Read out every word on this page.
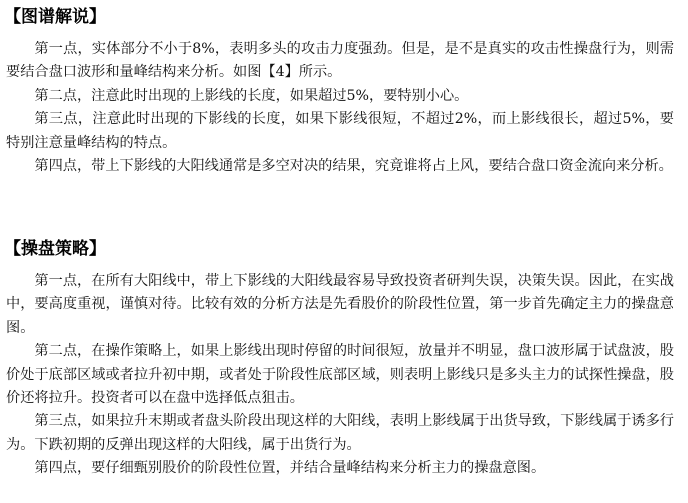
【图谱解说】

第一点，实体部分不小于8%，表明多头的攻击力度强劲。但是，是不是真实的攻击性操盘行为，则需要结合盘口波形和量峰结构来分析。如图【4】所示。

第二点，注意此时出现的上影线的长度，如果超过5%，要特别小心。

第三点，注意此时出现的下影线的长度，如果下影线很短，不超过2%，而上影线很长，超过5%，要特别注意量峰结构的特点。

第四点，带上下影线的大阳线通常是多空对决的结果，究竟谁将占上风，要结合盘口资金流向来分析。

【操盘策略】

第一点，在所有大阳线中，带上下影线的大阳线最容易导致投资者研判失误，决策失误。因此，在实战中，要高度重视，谨慎对待。比较有效的分析方法是先看股价的阶段性位置，第一步首先确定主力的操盘意图。

第二点，在操作策略上，如果上影线出现时停留的时间很短，放量并不明显，盘口波形属于试盘波，股价处于底部区域或者拉升初中期，或者处于阶段性底部区域，则表明上影线只是多头主力的试探性操盘，股价还将拉升。投资者可以在盘中选择低点狙击。

第三点，如果拉升末期或者盘头阶段出现这样的大阳线，表明上影线属于出货导致，下影线属于诱多行为。下跌初期的反弹出现这样的大阳线，属于出货行为。

第四点，要仔细甄别股价的阶段性位置，并结合量峰结构来分析主力的操盘意图。
